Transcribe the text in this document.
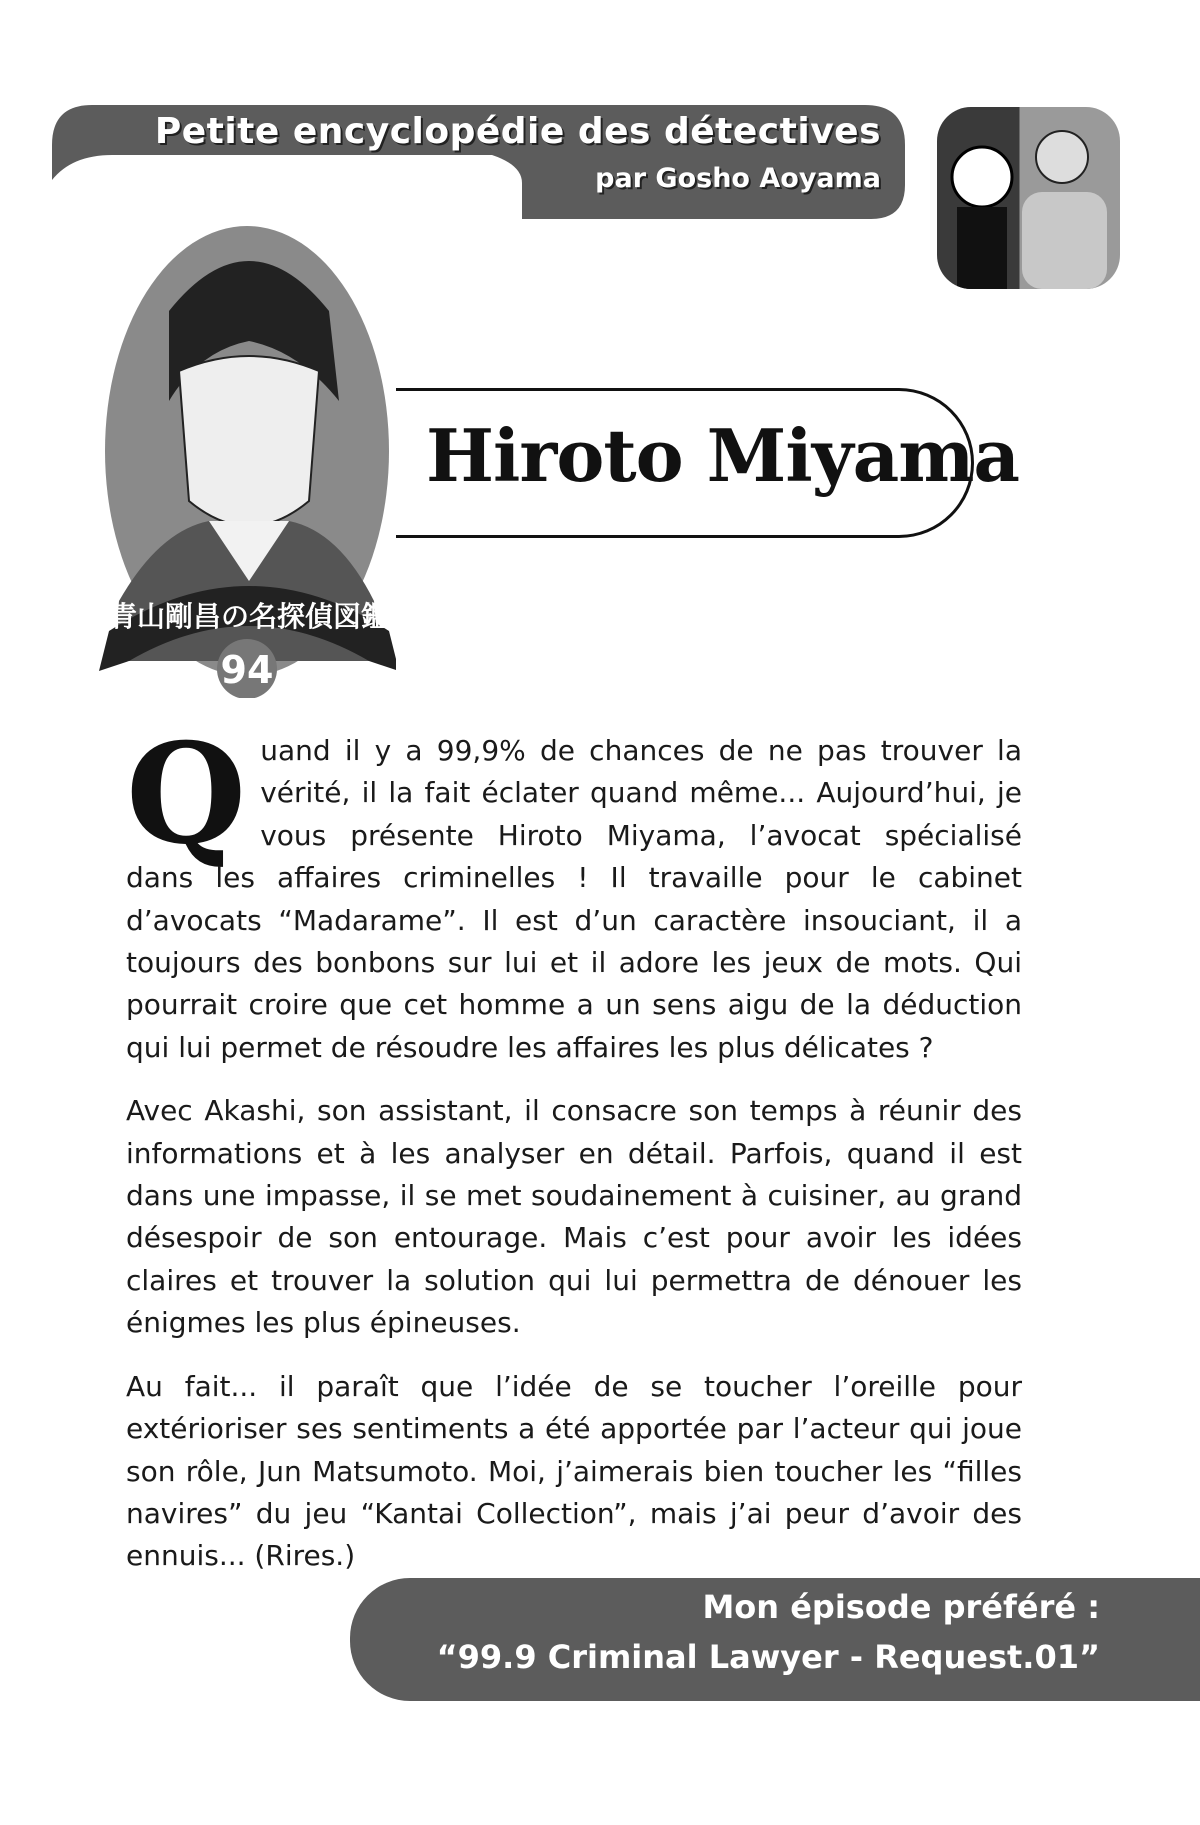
Petite encyclopédie des détectives
par Gosho Aoyama
青山剛昌の名探偵図鑑
94
Hiroto Miyama

Quand il y a 99,9% de chances de ne pas trouver la vérité, il la fait éclater quand même... Aujourd’hui, je vous présente Hiroto Miyama, l’avocat spécialisé dans les affaires criminelles ! Il travaille pour le cabinet d’avocats “Madarame”. Il est d’un caractère insouciant, il a toujours des bonbons sur lui et il adore les jeux de mots. Qui pourrait croire que cet homme a un sens aigu de la déduction qui lui permet de résoudre les affaires les plus délicates ?

Avec Akashi, son assistant, il consacre son temps à réunir des informations et à les analyser en détail. Parfois, quand il est dans une impasse, il se met soudainement à cuisiner, au grand désespoir de son entourage. Mais c’est pour avoir les idées claires et trouver la solution qui lui permettra de dénouer les énigmes les plus épineuses.

Au fait... il paraît que l’idée de se toucher l’oreille pour extérioriser ses sentiments a été apportée par l’acteur qui joue son rôle, Jun Matsumoto. Moi, j’aimerais bien toucher les “filles navires” du jeu “Kantai Collection”, mais j’ai peur d’avoir des ennuis... (Rires.)

Mon épisode préféré :
“99.9 Criminal Lawyer - Request.01”
